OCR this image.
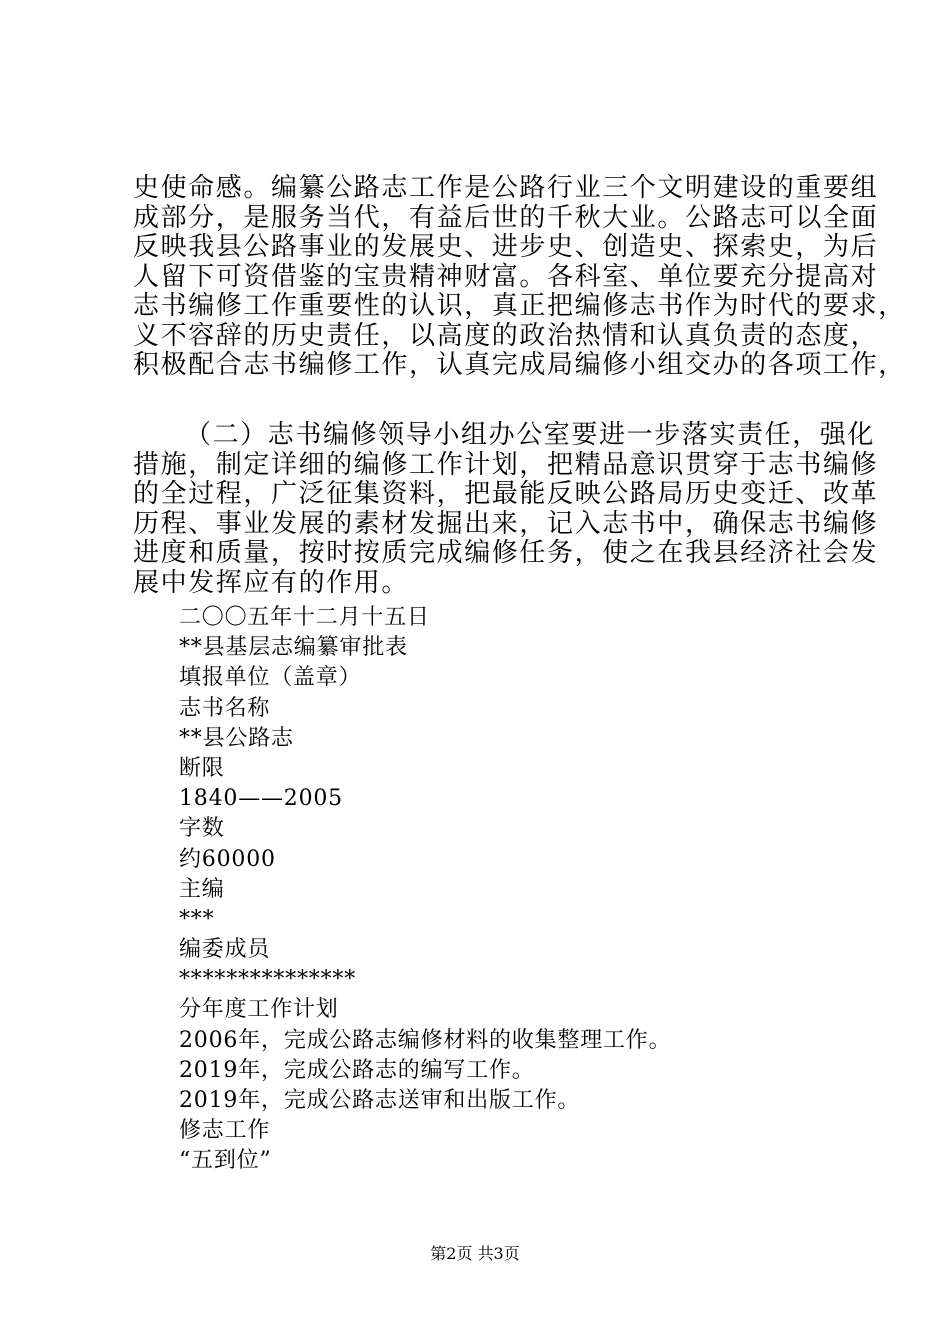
史使命感。编纂公路志工作是公路行业三个文明建设的重要组
成部分，是服务当代，有益后世的千秋大业。公路志可以全面
反映我县公路事业的发展史、进步史、创造史、探索史，为后
人留下可资借鉴的宝贵精神财富。各科室、单位要充分提高对
志书编修工作重要性的认识，真正把编修志书作为时代的要求，
义不容辞的历史责任，以高度的政治热情和认真负责的态度，
积极配合志书编修工作，认真完成局编修小组交办的各项工作，
（二）志书编修领导小组办公室要进一步落实责任，强化
措施，制定详细的编修工作计划，把精品意识贯穿于志书编修
的全过程，广泛征集资料，把最能反映公路局历史变迁、改革
历程、事业发展的素材发掘出来，记入志书中，确保志书编修
进度和质量，按时按质完成编修任务，使之在我县经济社会发
展中发挥应有的作用。
二〇〇五年十二月十五日
**县基层志编纂审批表
填报单位（盖章）
志书名称
**县公路志
断限
1840——2005
字数
约60000
主编
***
编委成员
***************
分年度工作计划
2006年，完成公路志编修材料的收集整理工作。
2019年，完成公路志的编写工作。
2019年，完成公路志送审和出版工作。
修志工作
“五到位”
第2页 共3页
